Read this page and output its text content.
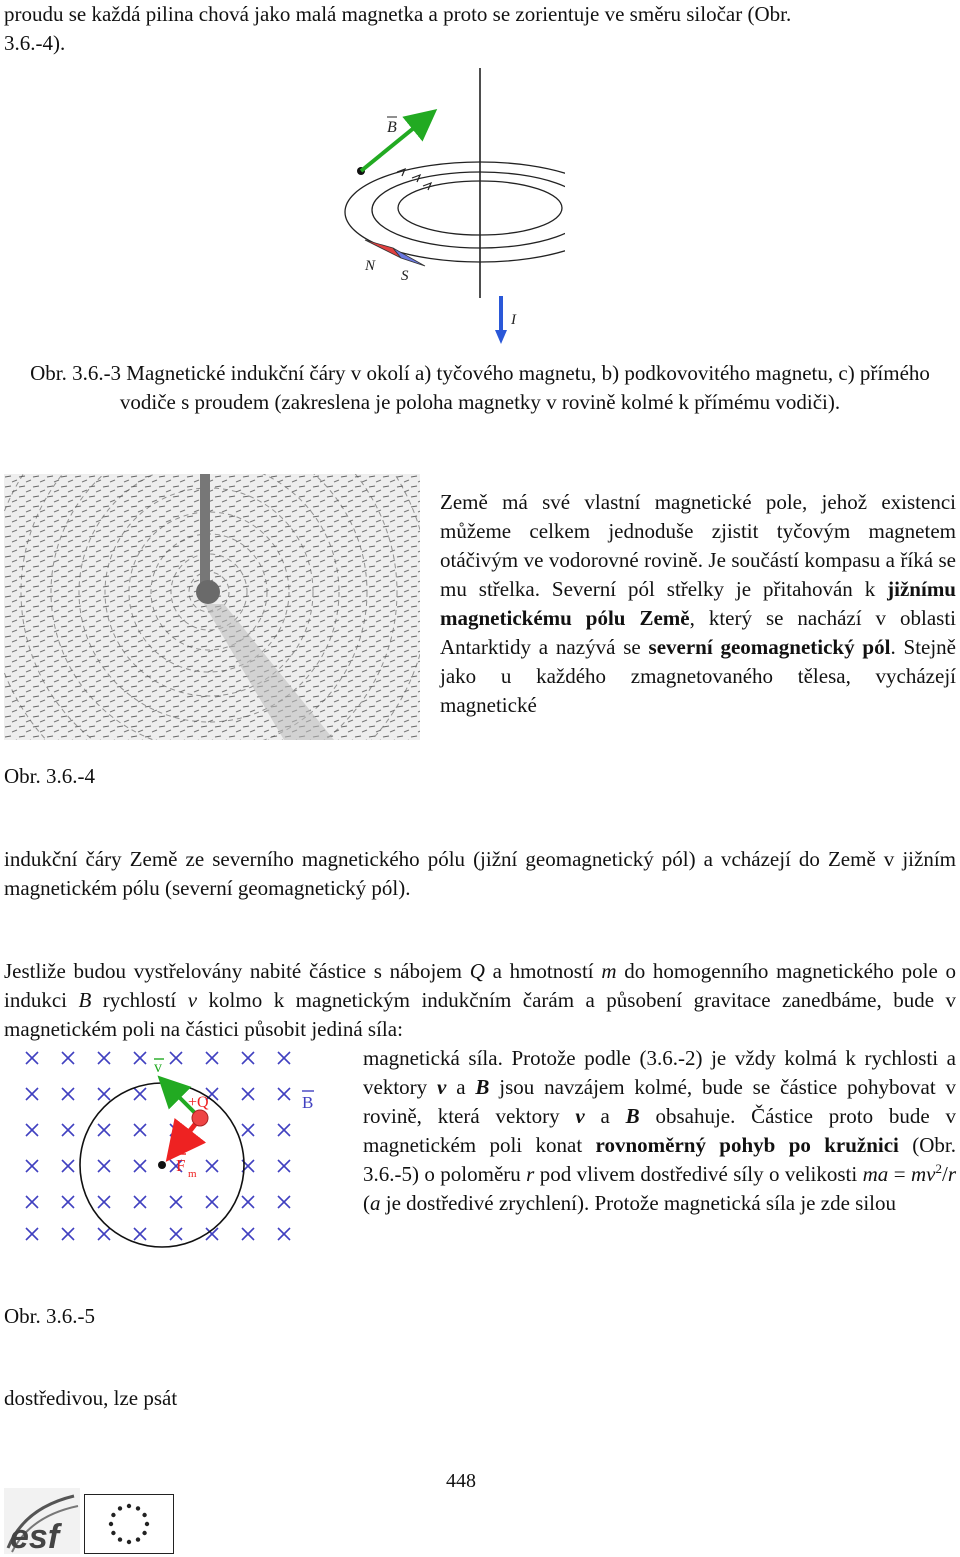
proudu se každá pilina chová jako malá magnetka a proto se zorientuje ve směru siločar (Obr.
3.6.-4).
B
N
S
I
Obr. 3.6.-3 Magnetické indukční čáry v okolí a) tyčového magnetu, b) podkovovitého magnetu, c) přímého vodiče s proudem (zakreslena je poloha magnetky v rovině kolmé k přímému vodiči).
Obr. 3.6.-4
Země má své vlastní magnetické pole, jehož existenci můžeme celkem jednoduše zjistit tyčovým magnetem otáčivým ve vodorovné rovině. Je součástí kompasu a říká se mu střelka. Severní pól střelky je přitahován k jižnímu magnetickému pólu Země, který se nachází v oblasti Antarktidy a nazývá se severní geomagnetický pól. Stejně jako u každého zmagnetovaného tělesa, vycházejí magnetické
indukční čáry Země ze severního magnetického pólu (jižní geomagnetický pól) a vcházejí do Země v jižním magnetickém pólu (severní geomagnetický pól).
Jestliže budou vystřelovány nabité částice s nábojem Q a hmotností m do homogenního magnetického pole o indukci B rychlostí v kolmo k magnetickým indukčním čarám a působení gravitace zanedbáme, bude v magnetickém poli na částici působit jediná síla:
v
+Q	B
F m
magnetická síla. Protože podle (3.6.-2) je vždy kolmá k rychlosti a vektory v a B jsou navzájem kolmé, bude se částice pohybovat v rovině, která vektory v a B obsahuje. Částice proto bude v magnetickém poli konat rovnoměrný pohyb po kružnici (Obr. 3.6.-5) o poloměru r pod vlivem dostředivé síly o velikosti ma = $mv^2/r$ (a je dostředivé zrychlení). Protože magnetická síla je zde silou
Obr. 3.6.-5
dostředivou, lze psát
448
esf
